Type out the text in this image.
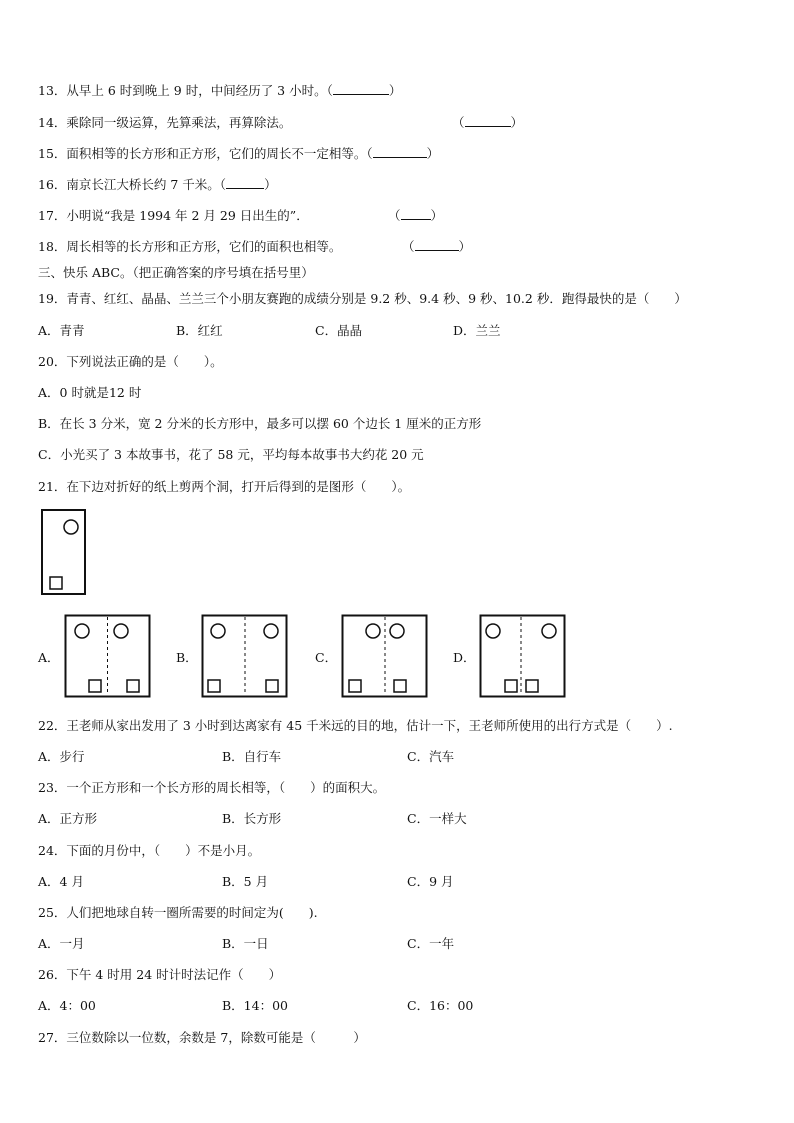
13．从早上 6 时到晚上 9 时，中间经历了 3 小时。（	）
14．乘除同一级运算，先算乘法，再算除法。	（	）
15．面积相等的长方形和正方形，它们的周长不一定相等。（	）
16．南京长江大桥长约 7 千米。（	）
17．小明说“我是 1994 年 2 月 29 日出生的”．	（ ）
18．周长相等的长方形和正方形，它们的面积也相等。	（	）
三、快乐 ABC。（把正确答案的序号填在括号里）
19．青青、红红、晶晶、兰兰三个小朋友赛跑的成绩分别是 9.2 秒、9.4 秒、9 秒、10.2 秒．跑得最快的是（　　）
A．青青	B．红红	C．晶晶	D．兰兰
20．下列说法正确的是（　　）。
A．0 时就是12 时
B．在长 3 分米，宽 2 分米的长方形中，最多可以摆 60 个边长 1 厘米的正方形
C．小光买了 3 本故事书，花了 58 元，平均每本故事书大约花 20 元
21．在下边对折好的纸上剪两个洞，打开后得到的是图形（　　）。
A．	B．	C．	D．
22．王老师从家出发用了 3 小时到达离家有 45 千米远的目的地，估计一下，王老师所使用的出行方式是（　　）.
A．步行	B．自行车	C．汽车
23．一个正方形和一个长方形的周长相等，（　　）的面积大。
A．正方形	B．长方形	C．一样大
24．下面的月份中，（　　）不是小月。
A．4 月	B．5 月	C．9 月
25．人们把地球自转一圈所需要的时间定为(　　).
A．一月	B．一日	C．一年
26．下午 4 时用 24 时计时法记作（　　）
A．4：00	B．14：00	C．16：00
27．三位数除以一位数，余数是 7，除数可能是（　　　）
